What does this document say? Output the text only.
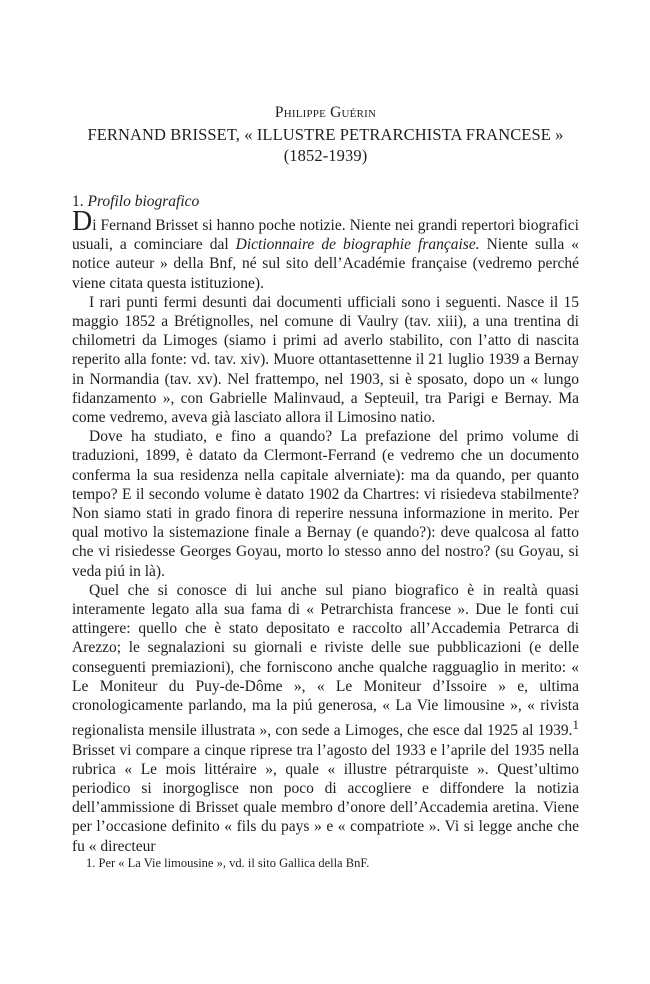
Philippe Guérin
FERNAND BRISSET, « ILLUSTRE PETRARCHISTA FRANCESE »
(1852-1939)
1. Profilo biografico

Di Fernand Brisset si hanno poche notizie. Niente nei grandi repertori biografici usuali, a cominciare dal Dictionnaire de biographie française. Niente sulla « notice auteur » della Bnf, né sul sito dell’Académie française (vedremo perché viene citata questa istituzione).

I rari punti fermi desunti dai documenti ufficiali sono i seguenti. Nasce il 15 maggio 1852 a Brétignolles, nel comune di Vaulry (tav. xiii), a una trentina di chilometri da Limoges (siamo i primi ad averlo stabilito, con l’atto di nascita reperito alla fonte: vd. tav. xiv). Muore ottantasettenne il 21 luglio 1939 a Bernay in Normandia (tav. xv). Nel frattempo, nel 1903, si è sposato, dopo un « lungo fidanzamento », con Gabrielle Malinvaud, a Septeuil, tra Parigi e Bernay. Ma come vedremo, aveva già lasciato allora il Limosino natio.

Dove ha studiato, e fino a quando? La prefazione del primo volume di traduzioni, 1899, è datato da Clermont-Ferrand (e vedremo che un documento conferma la sua residenza nella capitale alverniate): ma da quando, per quanto tempo? E il secondo volume è datato 1902 da Chartres: vi risiedeva stabilmente? Non siamo stati in grado finora di reperire nessuna informazione in merito. Per qual motivo la sistemazione finale a Bernay (e quando?): deve qualcosa al fatto che vi risiedesse Georges Goyau, morto lo stesso anno del nostro? (su Goyau, si veda piú in là).

Quel che si conosce di lui anche sul piano biografico è in realtà quasi interamente legato alla sua fama di « Petrarchista francese ». Due le fonti cui attingere: quello che è stato depositato e raccolto all’Accademia Petrarca di Arezzo; le segnalazioni su giornali e riviste delle sue pubblicazioni (e delle conseguenti premiazioni), che forniscono anche qualche ragguaglio in merito: « Le Moniteur du Puy-de-Dôme », « Le Moniteur d’Issoire » e, ultima cronologicamente parlando, ma la piú generosa, « La Vie limousine », « rivista regionalista mensile illustrata », con sede a Limoges, che esce dal 1925 al 1939.$^1$ Brisset vi compare a cinque riprese tra l’agosto del 1933 e l’aprile del 1935 nella rubrica « Le mois littéraire », quale « illustre pétrarquiste ». Quest’ultimo periodico si inorgoglisce non poco di accogliere e diffondere la notizia dell’ammissione di Brisset quale membro d’onore dell’Accademia aretina. Viene per l’occasione definito « fils du pays » e « compatriote ». Vi si legge anche che fu « directeur

1. Per « La Vie limousine », vd. il sito Gallica della BnF.
